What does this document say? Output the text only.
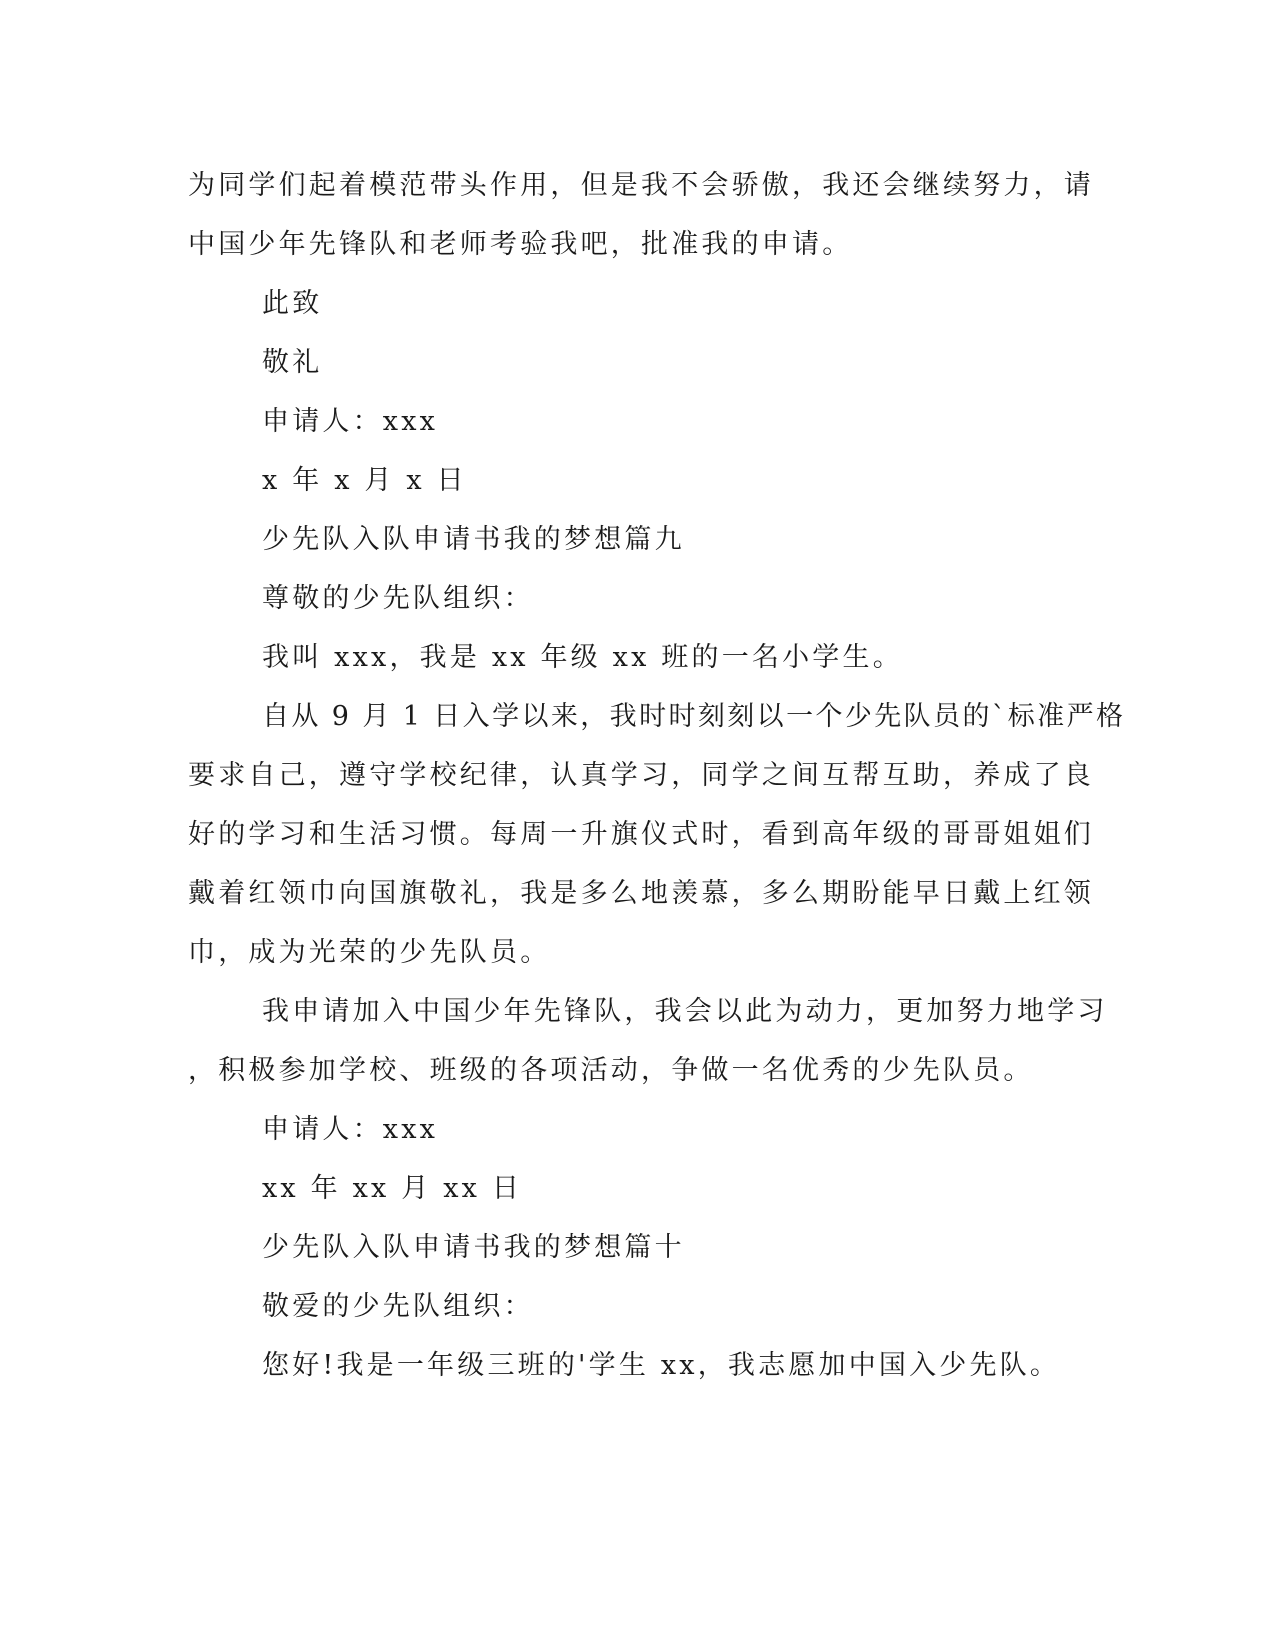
为同学们起着模范带头作用，但是我不会骄傲，我还会继续努力，请
中国少年先锋队和老师考验我吧，批准我的申请。
此致
敬礼
申请人：xxx
x 年 x 月 x 日
少先队入队申请书我的梦想篇九
尊敬的少先队组织：
我叫 xxx，我是 xx 年级 xx 班的一名小学生。
自从 9 月 1 日入学以来，我时时刻刻以一个少先队员的`标准严格
要求自己，遵守学校纪律，认真学习，同学之间互帮互助，养成了良
好的学习和生活习惯。每周一升旗仪式时，看到高年级的哥哥姐姐们
戴着红领巾向国旗敬礼，我是多么地羡慕，多么期盼能早日戴上红领
巾，成为光荣的少先队员。
我申请加入中国少年先锋队，我会以此为动力，更加努力地学习
，积极参加学校、班级的各项活动，争做一名优秀的少先队员。
申请人：xxx
xx 年 xx 月 xx 日
少先队入队申请书我的梦想篇十
敬爱的少先队组织：
您好!我是一年级三班的'学生 xx，我志愿加中国入少先队。
